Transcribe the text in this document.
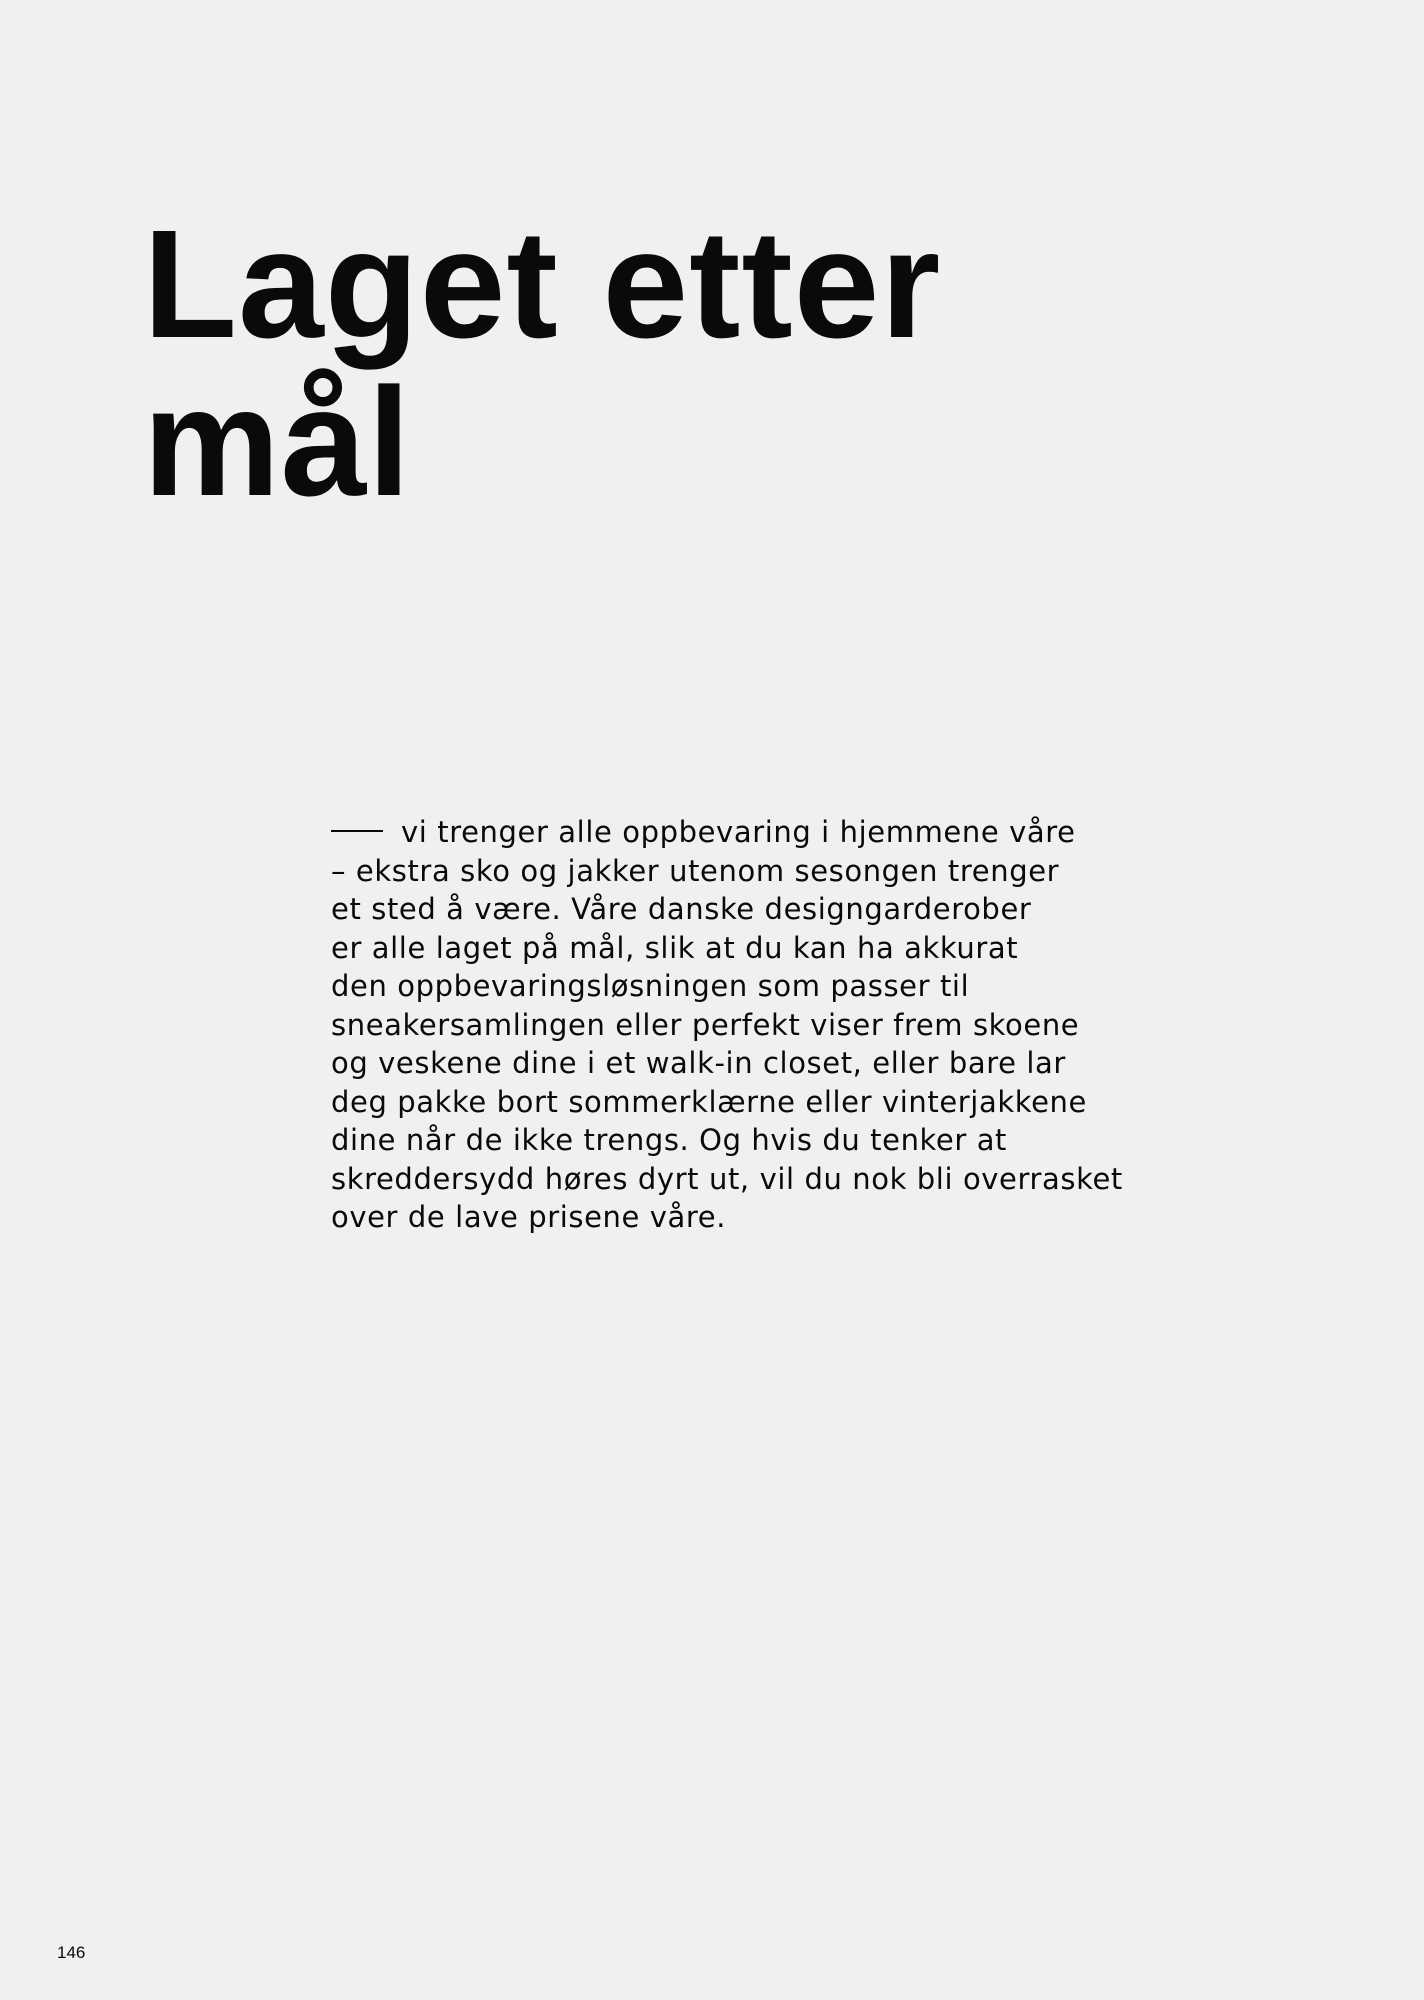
Laget etter
mål

vi trenger alle oppbevaring i hjemmene våre
– ekstra sko og jakker utenom sesongen trenger
et sted å være. Våre danske designgarderober
er alle laget på mål, slik at du kan ha akkurat
den oppbevaringsløsningen som passer til
sneakersamlingen eller perfekt viser frem skoene
og veskene dine i et walk-in closet, eller bare lar
deg pakke bort sommerklærne eller vinterjakkene
dine når de ikke trengs. Og hvis du tenker at
skreddersydd høres dyrt ut, vil du nok bli overrasket
over de lave prisene våre.

146
